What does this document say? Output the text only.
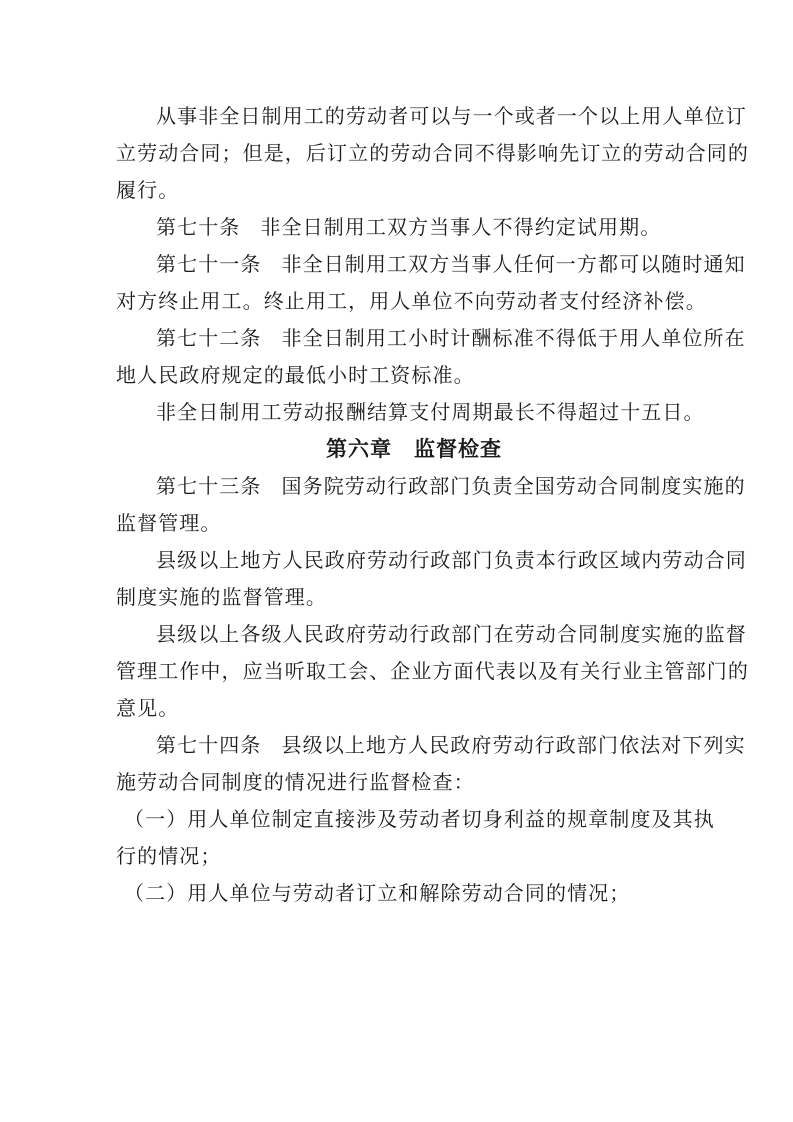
从事非全日制用工的劳动者可以与一个或者一个以上用人单位订
立劳动合同；但是，后订立的劳动合同不得影响先订立的劳动合同的
履行。

第七十条 非全日制用工双方当事人不得约定试用期。

第七十一条 非全日制用工双方当事人任何一方都可以随时通知
对方终止用工。终止用工，用人单位不向劳动者支付经济补偿。

第七十二条 非全日制用工小时计酬标准不得低于用人单位所在
地人民政府规定的最低小时工资标准。

非全日制用工劳动报酬结算支付周期最长不得超过十五日。

第六章　监督检查

第七十三条 国务院劳动行政部门负责全国劳动合同制度实施的
监督管理。

县级以上地方人民政府劳动行政部门负责本行政区域内劳动合同
制度实施的监督管理。

县级以上各级人民政府劳动行政部门在劳动合同制度实施的监督
管理工作中，应当听取工会、企业方面代表以及有关行业主管部门的
意见。

第七十四条 县级以上地方人民政府劳动行政部门依法对下列实
施劳动合同制度的情况进行监督检查：

（一）用人单位制定直接涉及劳动者切身利益的规章制度及其执
行的情况；

（二）用人单位与劳动者订立和解除劳动合同的情况；
